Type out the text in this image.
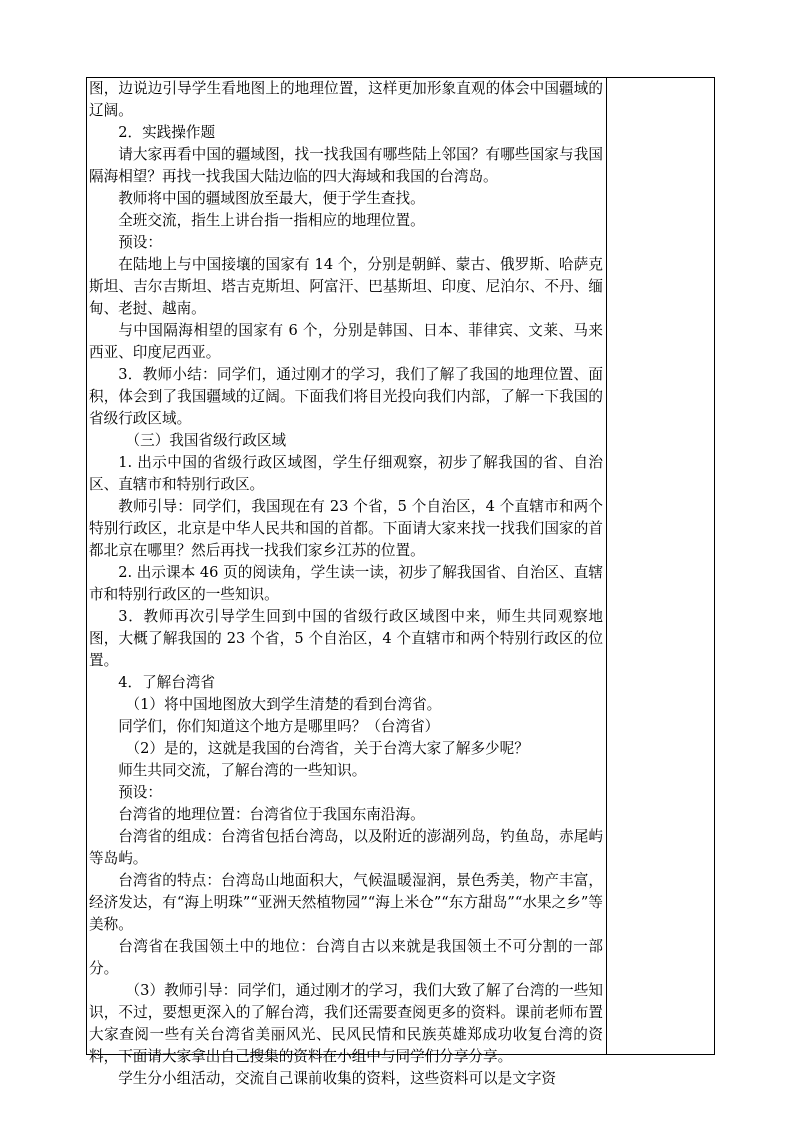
图，边说边引导学生看地图上的地理位置，这样更加形象直观的体会中国疆域的辽阔。

2．实践操作题

请大家再看中国的疆域图，找一找我国有哪些陆上邻国？有哪些国家与我国隔海相望？再找一找我国大陆边临的四大海域和我国的台湾岛。

教师将中国的疆域图放至最大，便于学生查找。

全班交流，指生上讲台指一指相应的地理位置。

预设：

在陆地上与中国接壤的国家有 14 个，分别是朝鲜、蒙古、俄罗斯、哈萨克斯坦、吉尔吉斯坦、塔吉克斯坦、阿富汗、巴基斯坦、印度、尼泊尔、不丹、缅甸、老挝、越南。

与中国隔海相望的国家有 6 个，分别是韩国、日本、菲律宾、文莱、马来西亚、印度尼西亚。

3．教师小结：同学们，通过刚才的学习，我们了解了我国的地理位置、面积，体会到了我国疆域的辽阔。下面我们将目光投向我们内部，了解一下我国的省级行政区域。

（三）我国省级行政区域

1. 出示中国的省级行政区域图，学生仔细观察，初步了解我国的省、自治区、直辖市和特别行政区。

教师引导：同学们，我国现在有 23 个省，5 个自治区，4 个直辖市和两个特别行政区，北京是中华人民共和国的首都。下面请大家来找一找我们国家的首都北京在哪里？然后再找一找我们家乡江苏的位置。

2. 出示课本 46 页的阅读角，学生读一读，初步了解我国省、自治区、直辖市和特别行政区的一些知识。

3．教师再次引导学生回到中国的省级行政区域图中来，师生共同观察地图，大概了解我国的 23 个省，5 个自治区，4 个直辖市和两个特别行政区的位置。

4．了解台湾省

（1）将中国地图放大到学生清楚的看到台湾省。

同学们，你们知道这个地方是哪里吗？（台湾省）

（2）是的，这就是我国的台湾省，关于台湾大家了解多少呢？

师生共同交流，了解台湾的一些知识。

预设：

台湾省的地理位置：台湾省位于我国东南沿海。

台湾省的组成：台湾省包括台湾岛，以及附近的澎湖列岛，钓鱼岛，赤尾屿等岛屿。

台湾省的特点：台湾岛山地面积大，气候温暖湿润，景色秀美，物产丰富，经济发达，有“海上明珠”“亚洲天然植物园”“海上米仓”“东方甜岛”“水果之乡”等美称。

台湾省在我国领土中的地位：台湾自古以来就是我国领土不可分割的一部分。

（3）教师引导：同学们，通过刚才的学习，我们大致了解了台湾的一些知识，不过，要想更深入的了解台湾，我们还需要查阅更多的资料。课前老师布置大家查阅一些有关台湾省美丽风光、民风民情和民族英雄郑成功收复台湾的资料，下面请大家拿出自己搜集的资料在小组中与同学们分享分享。

学生分小组活动，交流自己课前收集的资料，这些资料可以是文字资
